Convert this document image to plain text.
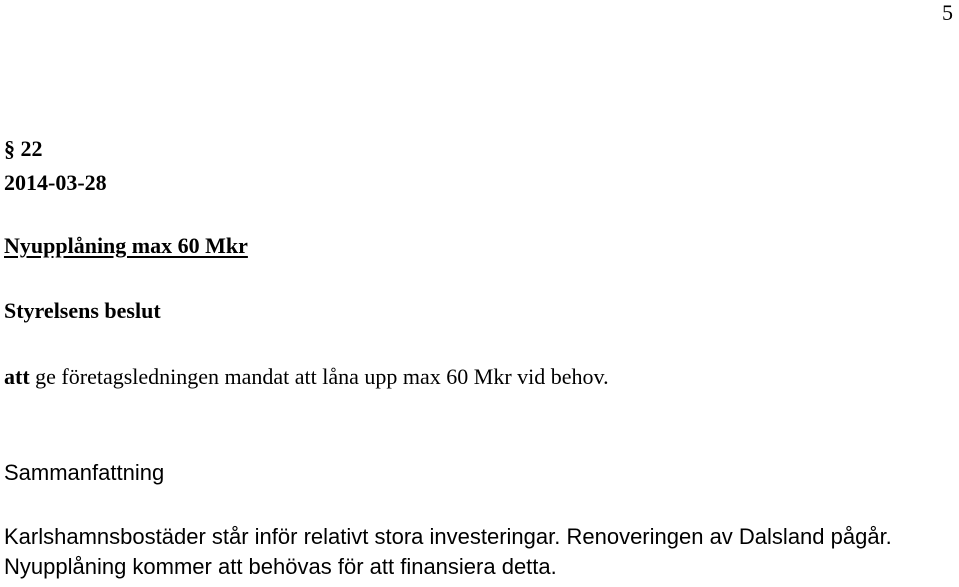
5
§ 22
2014-03-28
Nyupplåning max 60 Mkr
Styrelsens beslut

att ge företagsledningen mandat att låna upp max 60 Mkr vid behov.

Sammanfattning

Karlshamnsbostäder står inför relativt stora investeringar. Renoveringen av Dalsland pågår. Nyupplåning kommer att behövas för att finansiera detta.
